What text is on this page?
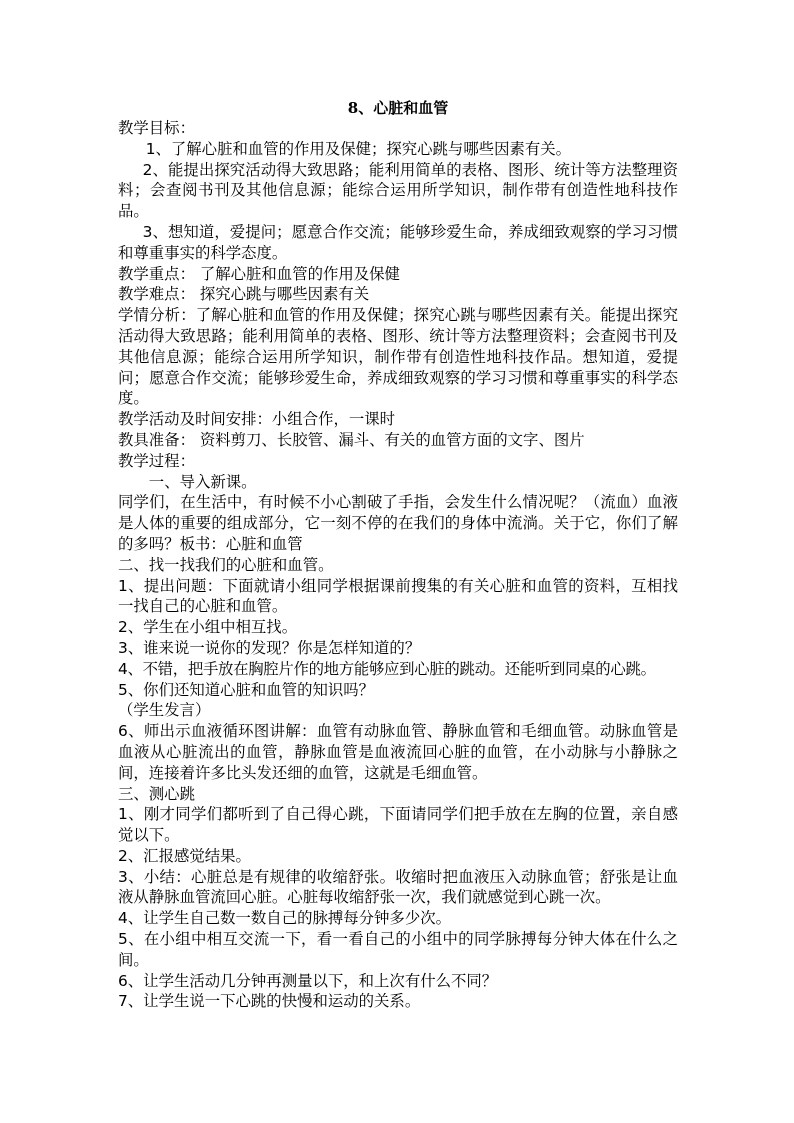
8、心脏和血管

教学目标：

1、了解心脏和血管的作用及保健；探究心跳与哪些因素有关。

2、能提出探究活动得大致思路；能利用简单的表格、图形、统计等方法整理资料；会查阅书刊及其他信息源；能综合运用所学知识，制作带有创造性地科技作品。

3、想知道，爱提问；愿意合作交流；能够珍爱生命，养成细致观察的学习习惯和尊重事实的科学态度。

教学重点： 了解心脏和血管的作用及保健

教学难点： 探究心跳与哪些因素有关

学情分析：了解心脏和血管的作用及保健；探究心跳与哪些因素有关。能提出探究活动得大致思路；能利用简单的表格、图形、统计等方法整理资料；会查阅书刊及其他信息源；能综合运用所学知识，制作带有创造性地科技作品。想知道，爱提问；愿意合作交流；能够珍爱生命，养成细致观察的学习习惯和尊重事实的科学态度。

教学活动及时间安排：小组合作，一课时

教具准备： 资料剪刀、长胶管、漏斗、有关的血管方面的文字、图片

教学过程：

一、导入新课。

同学们，在生活中，有时候不小心割破了手指，会发生什么情况呢？（流血）血液是人体的重要的组成部分，它一刻不停的在我们的身体中流淌。关于它，你们了解的多吗？板书：心脏和血管

二、找一找我们的心脏和血管。

1、提出问题：下面就请小组同学根据课前搜集的有关心脏和血管的资料，互相找一找自己的心脏和血管。

2、学生在小组中相互找。

3、谁来说一说你的发现？你是怎样知道的？

4、不错，把手放在胸腔片作的地方能够应到心脏的跳动。还能听到同桌的心跳。

5、你们还知道心脏和血管的知识吗？

（学生发言）

6、师出示血液循环图讲解：血管有动脉血管、静脉血管和毛细血管。动脉血管是血液从心脏流出的血管，静脉血管是血液流回心脏的血管，在小动脉与小静脉之间，连接着许多比头发还细的血管，这就是毛细血管。

三、测心跳

1、刚才同学们都听到了自己得心跳，下面请同学们把手放在左胸的位置，亲自感觉以下。

2、汇报感觉结果。

3、小结：心脏总是有规律的收缩舒张。收缩时把血液压入动脉血管；舒张是让血液从静脉血管流回心脏。心脏每收缩舒张一次，我们就感觉到心跳一次。

4、让学生自己数一数自己的脉搏每分钟多少次。

5、在小组中相互交流一下，看一看自己的小组中的同学脉搏每分钟大体在什么之间。

6、让学生活动几分钟再测量以下，和上次有什么不同？

7、让学生说一下心跳的快慢和运动的关系。
